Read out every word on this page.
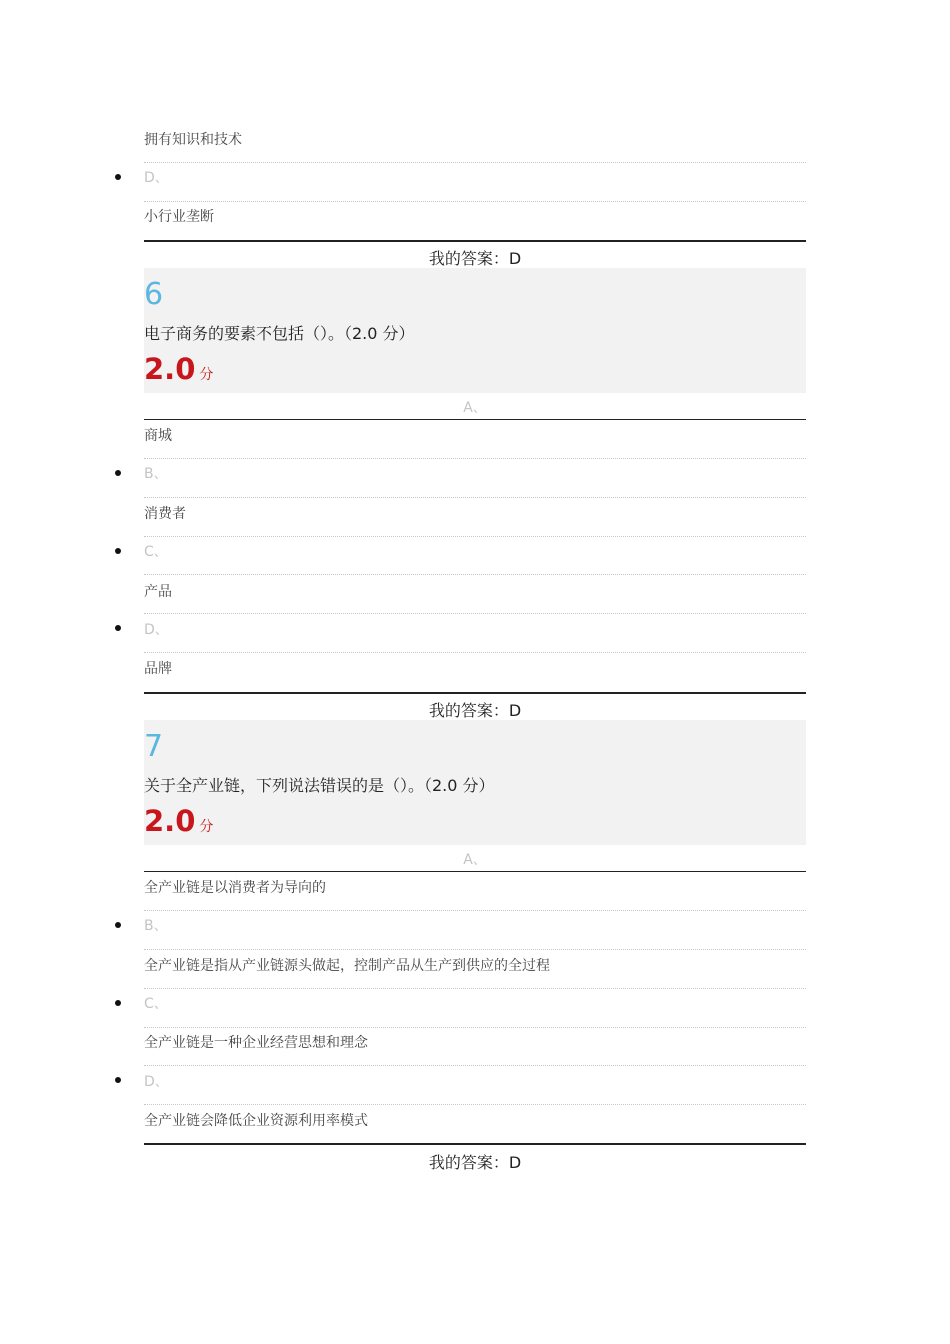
拥有知识和技术
D、
小行业垄断
我的答案：D
6
电子商务的要素不包括（）。（2.0 分）
2.0 分
A、
商城
B、
消费者
C、
产品
D、
品牌
我的答案：D
7
关于全产业链，下列说法错误的是（）。（2.0 分）
2.0 分
A、
全产业链是以消费者为导向的
B、
全产业链是指从产业链源头做起，控制产品从生产到供应的全过程
C、
全产业链是一种企业经营思想和理念
D、
全产业链会降低企业资源利用率模式
我的答案：D
